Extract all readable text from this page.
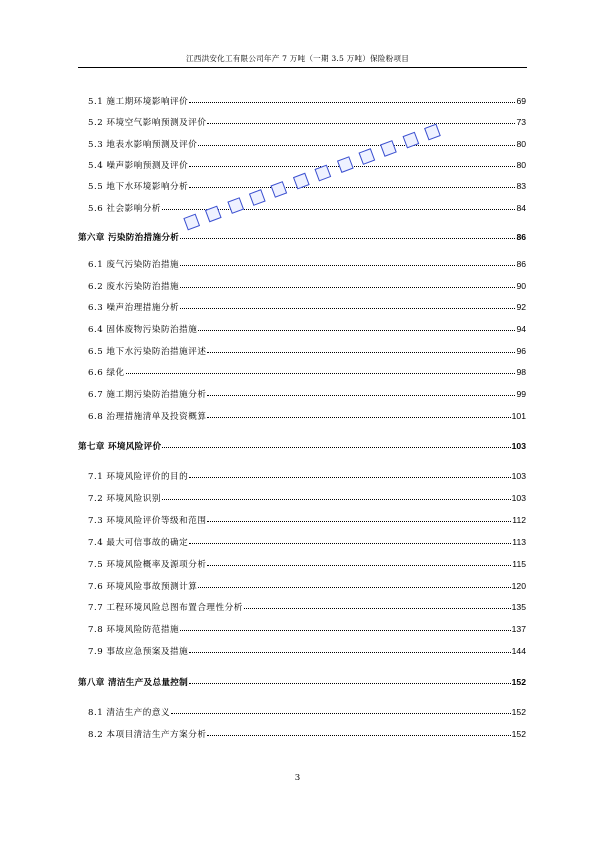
江西洪安化工有限公司年产 7 万吨（一期 3.5 万吨）保险粉项目
5.1 施工期环境影响评价	69
5.2 环境空气影响预测及评价	73
5.3 地表水影响预测及评价	80
5.4 噪声影响预测及评价	80
5.5 地下水环境影响分析	83
5.6 社会影响分析	84
第六章 污染防治措施分析	86
6.1 废气污染防治措施	86
6.2 废水污染防治措施	90
6.3 噪声治理措施分析	92
6.4 固体废物污染防治措施	94
6.5 地下水污染防治措施评述	96
6.6 绿化	98
6.7 施工期污染防治措施分析	99
6.8 治理措施清单及投资概算	101
第七章 环境风险评价	103
7.1 环境风险评价的目的	103
7.2 环境风险识别	103
7.3 环境风险评价等级和范围	112
7.4 最大可信事故的确定	113
7.5 环境风险概率及源项分析	115
7.6 环境风险事故预测计算	120
7.7 工程环境风险总图布置合理性分析	135
7.8 环境风险防范措施	137
7.9 事故应急预案及措施	144
第八章 清洁生产及总量控制	152
8.1 清洁生产的意义	152
8.2 本项目清洁生产方案分析	152
3
